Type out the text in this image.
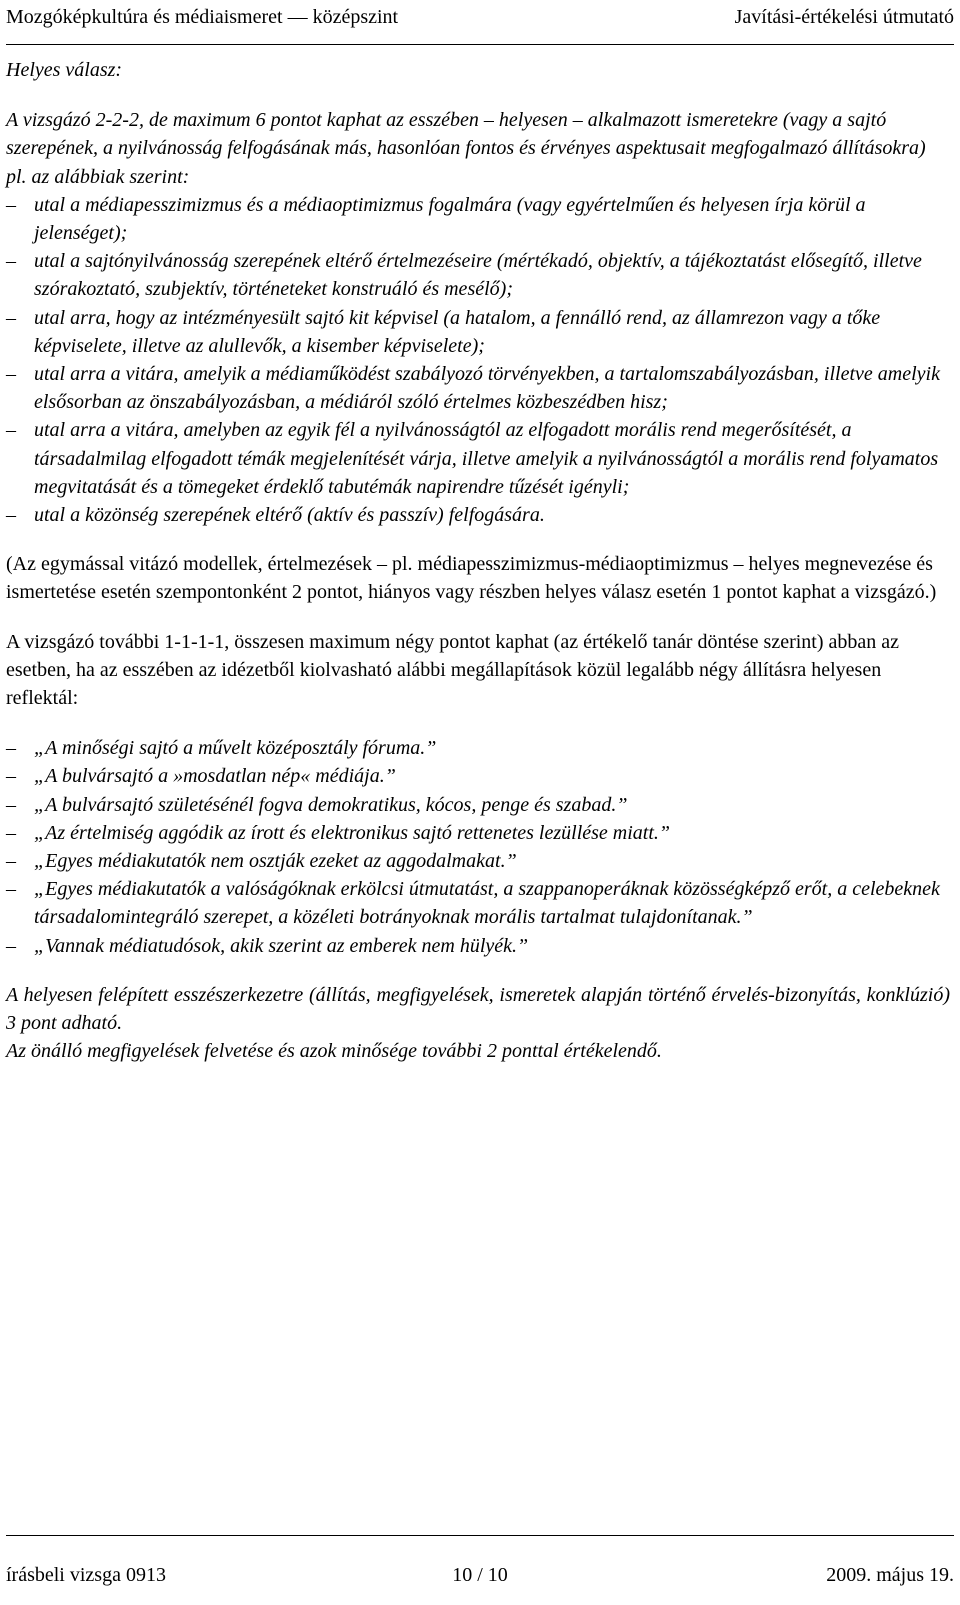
Mozgóképkultúra és médiaismeret — középszint	Javítási-értékelési útmutató

Helyes válasz:

A vizsgázó 2-2-2, de maximum 6 pontot kaphat az esszében – helyesen – alkalmazott ismeretekre (vagy a sajtó szerepének, a nyilvánosság felfogásának más, hasonlóan fontos és érvényes aspektusait megfogalmazó állításokra) pl. az alábbiak szerint:

– utal a médiapesszimizmus és a médiaoptimizmus fogalmára (vagy egyértelműen és helyesen írja körül a jelenséget);
– utal a sajtónyilvánosság szerepének eltérő értelmezéseire (mértékadó, objektív, a tájékoztatást elősegítő, illetve szórakoztató, szubjektív, történeteket konstruáló és mesélő);
– utal arra, hogy az intézményesült sajtó kit képvisel (a hatalom, a fennálló rend, az államrezon vagy a tőke képviselete, illetve az alullevők, a kisember képviselete);
– utal arra a vitára, amelyik a médiaműködést szabályozó törvényekben, a tartalomszabályozásban, illetve amelyik elsősorban az önszabályozásban, a médiáról szóló értelmes közbeszédben hisz;
– utal arra a vitára, amelyben az egyik fél a nyilvánosságtól az elfogadott morális rend megerősítését, a társadalmilag elfogadott témák megjelenítését várja, illetve amelyik a nyilvánosságtól a morális rend folyamatos megvitatását és a tömegeket érdeklő tabutémák napirendre tűzését igényli;
– utal a közönség szerepének eltérő (aktív és passzív) felfogására.

(Az egymással vitázó modellek, értelmezések – pl. médiapesszimizmus-médiaoptimizmus – helyes megnevezése és ismertetése esetén szempontonként 2 pontot, hiányos vagy részben helyes válasz esetén 1 pontot kaphat a vizsgázó.)

A vizsgázó további 1-1-1-1, összesen maximum négy pontot kaphat (az értékelő tanár döntése szerint) abban az esetben, ha az esszében az idézetből kiolvasható alábbi megállapítások közül legalább négy állításra helyesen reflektál:

– „A minőségi sajtó a művelt középosztály fóruma.”
– „A bulvársajtó a »mosdatlan nép« médiája.”
– „A bulvársajtó születésénél fogva demokratikus, kócos, penge és szabad.”
– „Az értelmiség aggódik az írott és elektronikus sajtó rettenetes lezüllése miatt.”
– „Egyes médiakutatók nem osztják ezeket az aggodalmakat.”
– „Egyes médiakutatók a valóságóknak erkölcsi útmutatást, a szappanoperáknak közösségképző erőt, a celebeknek társadalomintegráló szerepet, a közéleti botrányoknak morális tartalmat tulajdonítanak.”
– „Vannak médiatudósok, akik szerint az emberek nem hülyék.”

A helyesen felépített esszészerkezetre (állítás, megfigyelések, ismeretek alapján történő érvelés-bizonyítás, konklúzió) 3 pont adható.

Az önálló megfigyelések felvetése és azok minősége további 2 ponttal értékelendő.

írásbeli vizsga 0913	10 / 10	2009. május 19.
